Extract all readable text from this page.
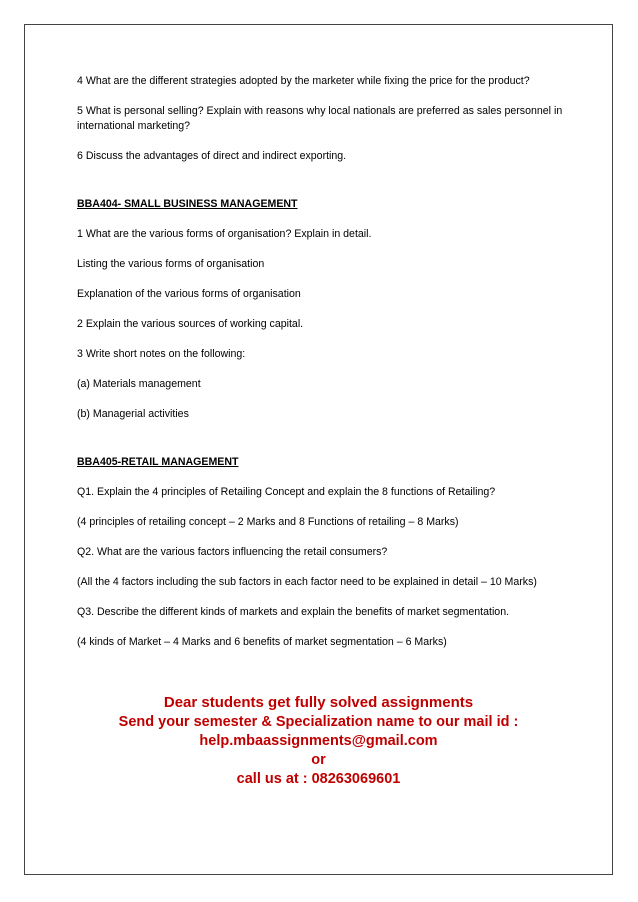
4 What are the different strategies adopted by the marketer while fixing the price for the product?

5 What is personal selling? Explain with reasons why local nationals are preferred as sales personnel in international marketing?

6 Discuss the advantages of direct and indirect exporting.

BBA404- SMALL BUSINESS MANAGEMENT

1 What are the various forms of organisation? Explain in detail.

Listing the various forms of organisation

Explanation of the various forms of organisation

2 Explain the various sources of working capital.

3 Write short notes on the following:

(a) Materials management

(b) Managerial activities

BBA405-RETAIL MANAGEMENT

Q1. Explain the 4 principles of Retailing Concept and explain the 8 functions of Retailing?

(4 principles of retailing concept – 2 Marks and 8 Functions of retailing – 8 Marks)

Q2. What are the various factors influencing the retail consumers?

(All the 4 factors including the sub factors in each factor need to be explained in detail – 10 Marks)

Q3. Describe the different kinds of markets and explain the benefits of market segmentation.

(4 kinds of Market – 4 Marks and 6 benefits of market segmentation – 6 Marks)

Dear students get fully solved assignments
Send your semester & Specialization name to our mail id :
help.mbaassignments@gmail.com
or
call us at : 08263069601
